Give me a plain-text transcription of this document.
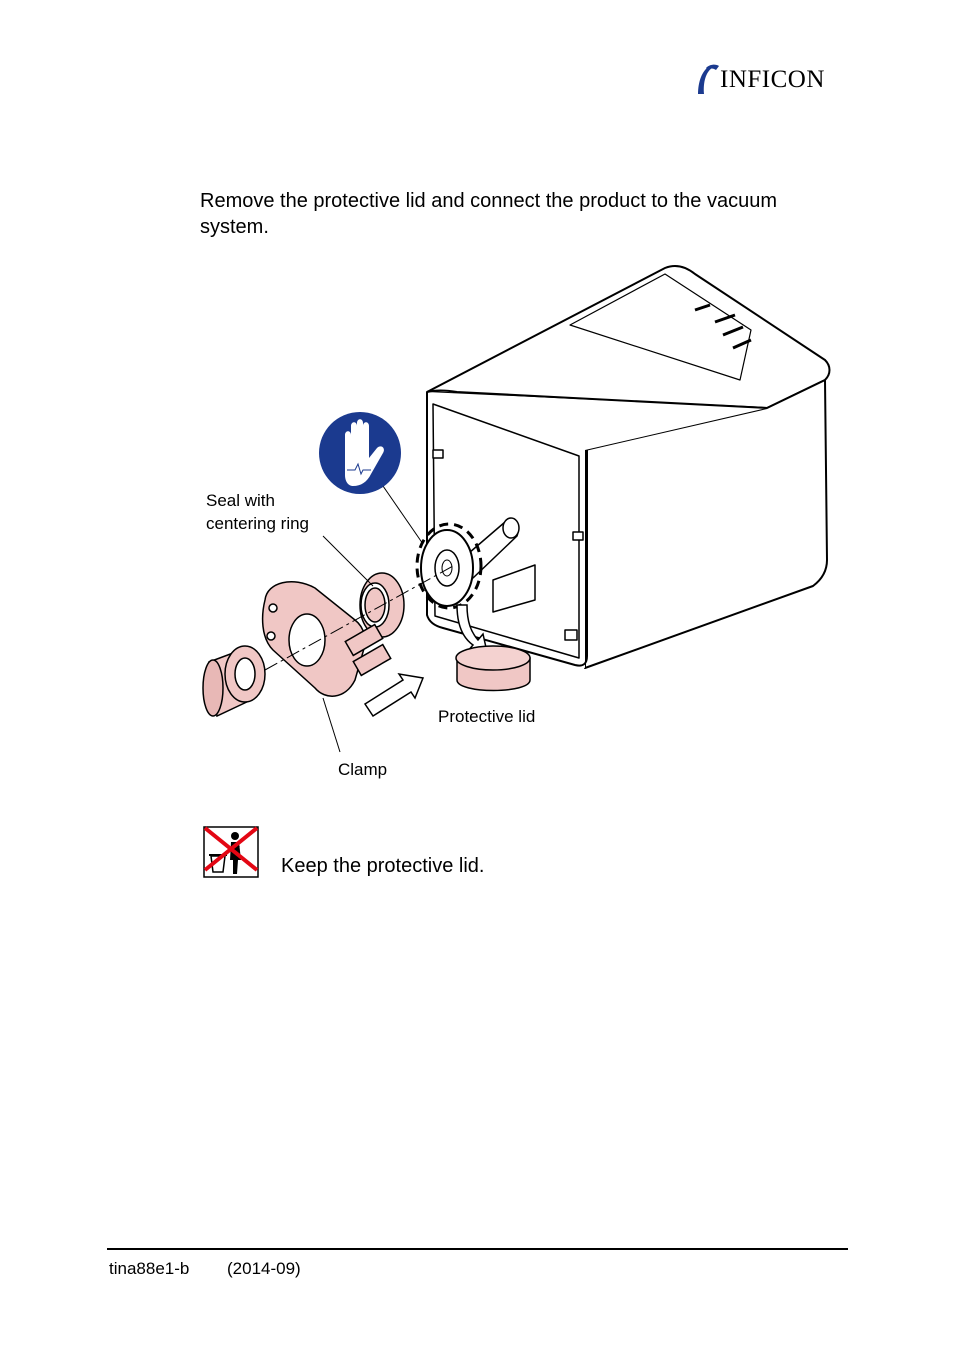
INFICON
Remove the protective lid and connect the product to the vacuum system.
Seal with
centering ring
Clamp
Protective lid
Keep the protective lid.
tina88e1-b (2014-09)
